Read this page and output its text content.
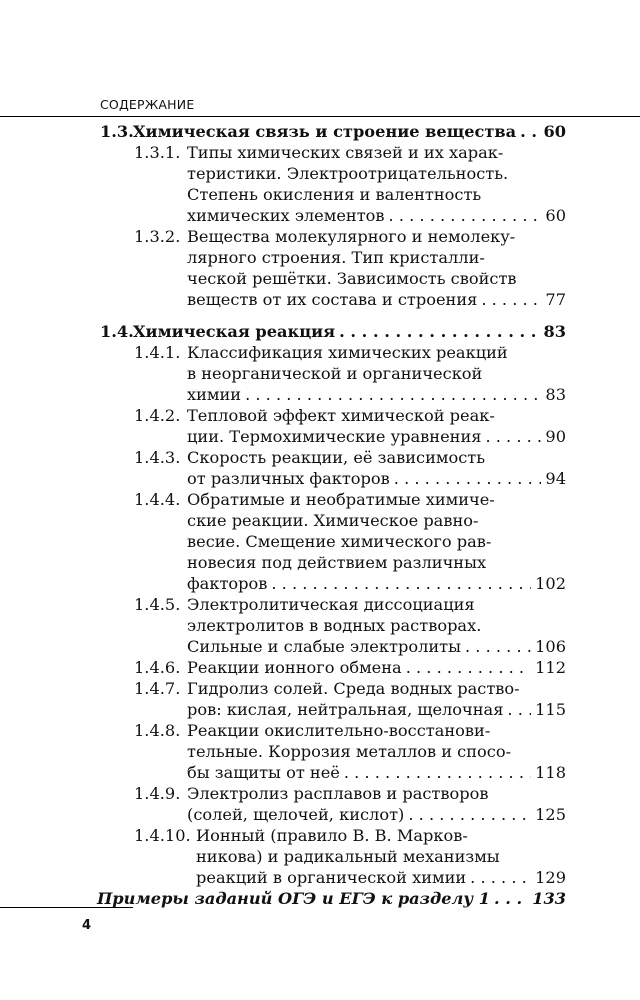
СОДЕРЖАНИЕ
1.3. Химическая связь и строение вещества . . . 60
1.3.1. Типы химических связей и их харак-
теристики. Электроотрицательность.
Степень окисления и валентность
химических элементов . . .	60
1.3.2. Вещества молекулярного и немолеку-
лярного строения. Тип кристалли-
ческой решётки. Зависимость свойств
веществ от их состава и строения . . .	77
1.4. Химическая реакция . . .	83
1.4.1. Классификация химических реакций
в неорганической и органической
химии . . .	83
1.4.2. Тепловой эффект химической реак-
ции. Термохимические уравнения . . .	90
1.4.3. Скорость реакции, её зависимость
от различных факторов . . .	94
1.4.4. Обратимые и необратимые химиче-
ские реакции. Химическое равно-
весие. Смещение химического рав-
новесия под действием различных
факторов . . .	102
1.4.5. Электролитическая диссоциация
электролитов в водных растворах.
Сильные и слабые электролиты . . .	106
1.4.6. Реакции ионного обмена . . .	112
1.4.7. Гидролиз солей. Среда водных раство-
ров: кислая, нейтральная, щелочная . . . 115
1.4.8. Реакции окислительно-восстанови-
тельные. Коррозия металлов и спосо-
бы защиты от неё . . .	118
1.4.9. Электролиз расплавов и растворов
(солей, щелочей, кислот) . . .	125
1.4.10. Ионный (правило В. В. Марков-
никова) и радикальный механизмы
реакций в органической химии . . .	129
Примеры заданий ОГЭ и ЕГЭ к разделу 1 . . .	133
4
